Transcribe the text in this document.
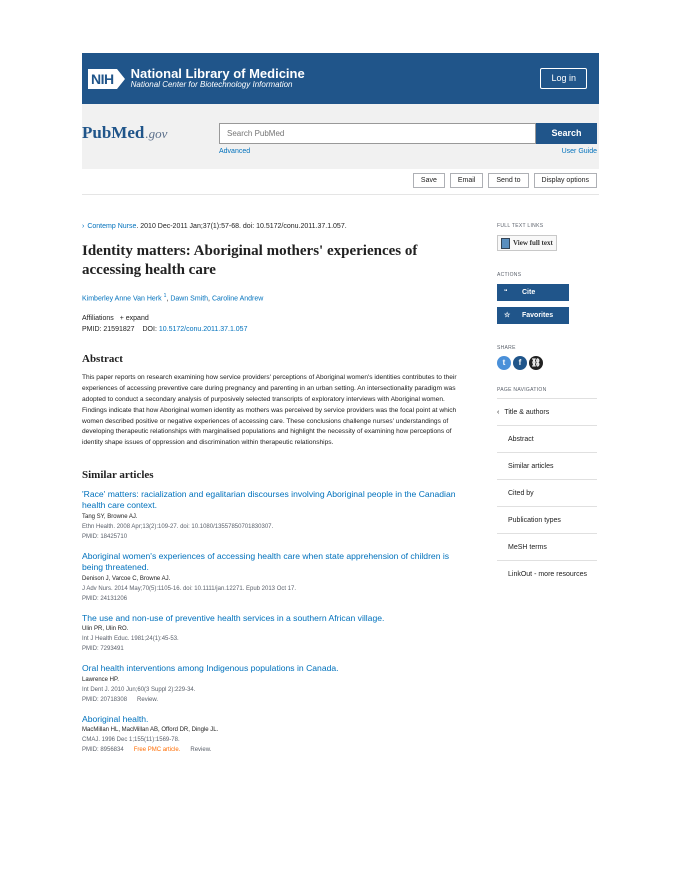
NIH National Library of Medicine
National Center for Biotechnology Information
Log in
Pub Med .gov
Search PubMed	Search
Advanced	User Guide
Save	Email	Send to	Display options
› Contemp Nurse. 2010 Dec-2011 Jan;37(1):57-68. doi: 10.5172/conu.2011.37.1.057.
Identity matters: Aboriginal mothers' experiences of accessing health care
Kimberley Anne Van Herk $^1$, Dawn Smith, Caroline Andrew
Affiliations + expand
PMID: 21591827 DOI: 10.5172/conu.2011.37.1.057
Abstract

This paper reports on research examining how service providers' perceptions of Aboriginal women's identities contributes to their experiences of accessing preventive care during pregnancy and parenting in an urban setting. An intersectionality paradigm was adopted to conduct a secondary analysis of purposively selected transcripts of exploratory interviews with Aboriginal women. Findings indicate that how Aboriginal women identity as mothers was perceived by service providers was the focal point at which women described positive or negative experiences of accessing care. These conclusions challenge nurses' understandings of developing therapeutic relationships with marginalised populations and highlight the necessity of examining how perceptions of identity shape issues of oppression and discrimination within therapeutic relationships.

Similar articles
'Race' matters: racialization and egalitarian discourses involving Aboriginal people in the Canadian health care context.
Tang SY, Browne AJ.
Ethn Health. 2008 Apr;13(2):109-27. doi: 10.1080/13557850701830307.
PMID: 18425710
Aboriginal women's experiences of accessing health care when state apprehension of children is being threatened.
Denison J, Varcoe C, Browne AJ.
J Adv Nurs. 2014 May;70(5):1105-16. doi: 10.1111/jan.12271. Epub 2013 Oct 17.
PMID: 24131206
The use and non-use of preventive health services in a southern African village.
Ulin PR, Ulin RO.
Int J Health Educ. 1981;24(1):45-53.
PMID: 7293491
Oral health interventions among Indigenous populations in Canada.
Lawrence HP.
Int Dent J. 2010 Jun;60(3 Suppl 2):229-34.
PMID: 20718308 Review.
Aboriginal health.
MacMillan HL, MacMillan AB, Offord DR, Dingle JL.
CMAJ. 1996 Dec 1;155(11):1569-78.
PMID: 8956834 Free PMC article. Review.
FULL TEXT LINKS
View full text
ACTIONS
“	Cite
☆	Favorites
SHARE
t	f	⛓
PAGE NAVIGATION
‹ Title & authors
Abstract
Similar articles
Cited by
Publication types
MeSH terms
LinkOut - more resources
